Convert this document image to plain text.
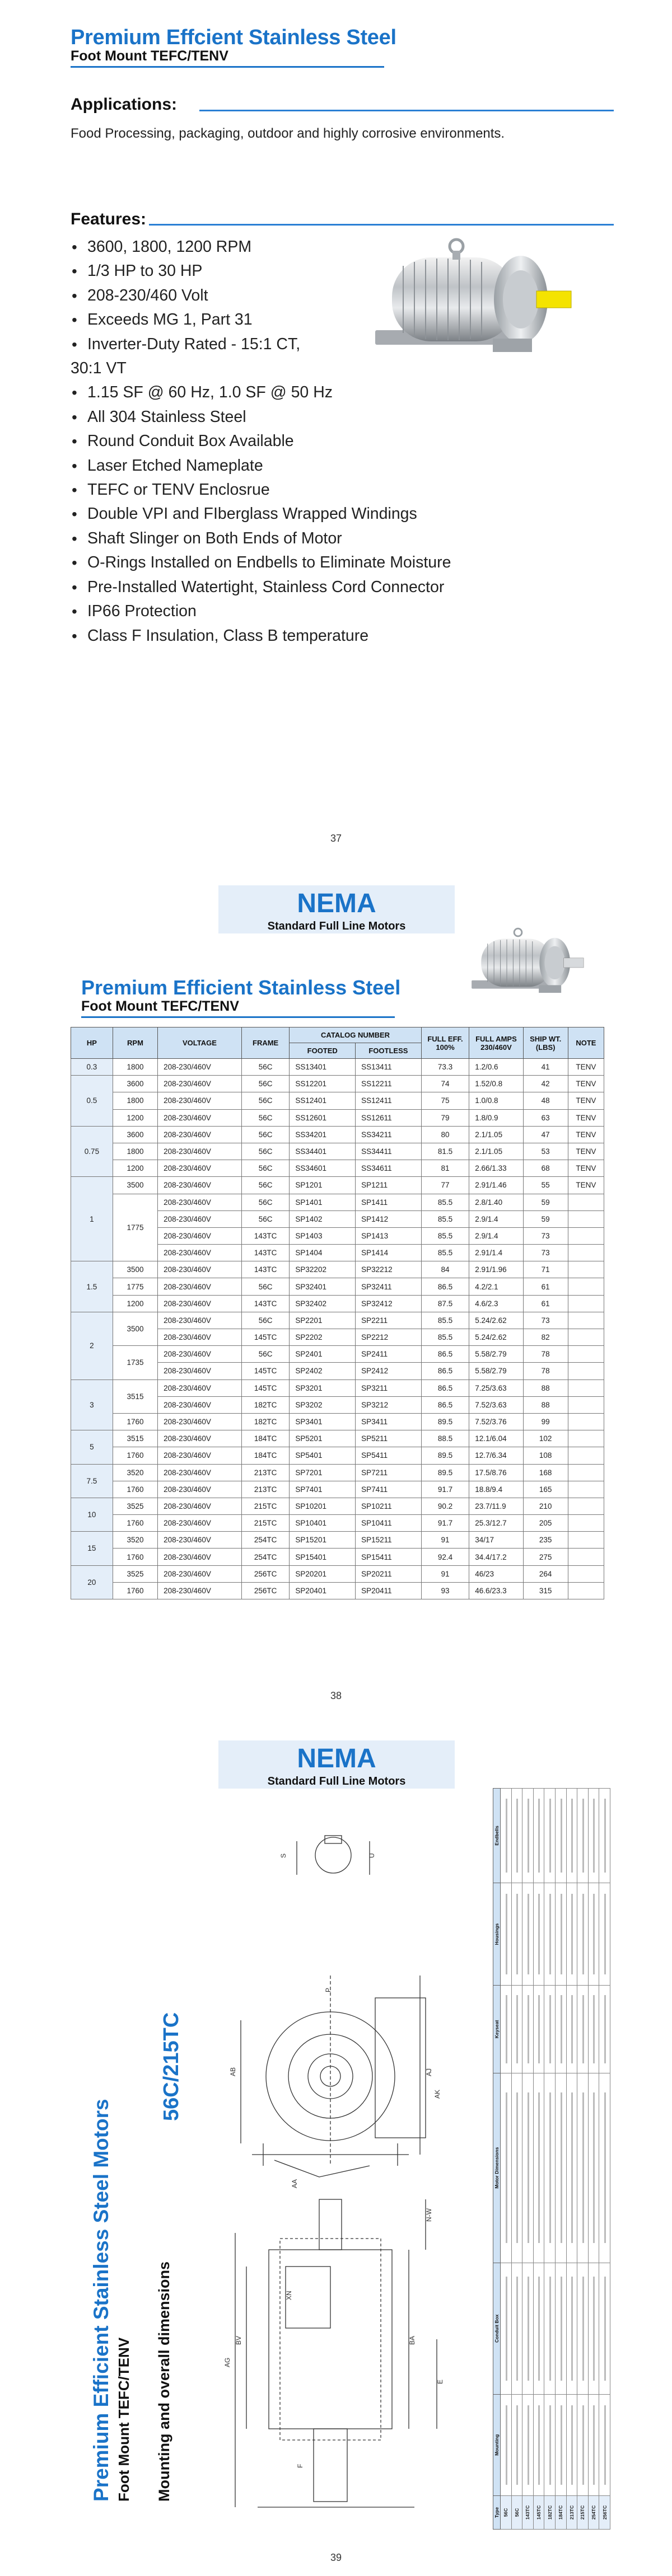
Premium Effcient Stainless Steel
Foot Mount TEFC/TENV
Applications:
Food Processing, packaging, outdoor and highly corrosive environments.
Features:
• 3600, 1800, 1200 RPM
• 1/3 HP to 30 HP
• 208-230/460 Volt
• Exceeds MG 1, Part 31
• Inverter-Duty Rated - 15:1 CT,
30:1 VT
• 1.15 SF @ 60 Hz, 1.0 SF @ 50 Hz
• All 304 Stainless Steel
• Round Conduit Box Available
• Laser Etched Nameplate
• TEFC or TENV Enclosrue
• Double VPI and FIberglass Wrapped Windings
• Shaft Slinger on Both Ends of Motor
• O-Rings Installed on Endbells to Eliminate Moisture
• Pre-Installed Watertight, Stainless Cord Connector
• IP66 Protection
• Class F Insulation, Class B temperature
37
NEMA
Standard Full Line Motors
Premium Efficient Stainless Steel
Foot Mount TEFC/TENV
HP	RPM	VOLTAGE	FRAME	CATALOG NUMBER		FULL EFF. 100%	FULL AMPS 230/460V	SHIP WT. (LBS)	NOTE
				FOOTED	FOOTLESS				
0.3	1800	208-230/460V	56C	SS13401	SS13411	73.3	1.2/0.6	41	TENV
0.5	3600	208-230/460V	56C	SS12201	SS12211	74	1.52/0.8	42	TENV
	1800	208-230/460V	56C	SS12401	SS12411	75	1.0/0.8	48	TENV
	1200	208-230/460V	56C	SS12601	SS12611	79	1.8/0.9	63	TENV
0.75	3600	208-230/460V	56C	SS34201	SS34211	80	2.1/1.05	47	TENV
	1800	208-230/460V	56C	SS34401	SS34411	81.5	2.1/1.05	53	TENV
	1200	208-230/460V	56C	SS34601	SS34611	81	2.66/1.33	68	TENV
1	3500	208-230/460V	56C	SP1201	SP1211	77	2.91/1.46	55	TENV
	1775	208-230/460V	56C	SP1401	SP1411	85.5	2.8/1.40	59	
		208-230/460V	56C	SP1402	SP1412	85.5	2.9/1.4	59	
		208-230/460V	143TC	SP1403	SP1413	85.5	2.9/1.4	73	
		208-230/460V	143TC	SP1404	SP1414	85.5	2.91/1.4	73	
1.5	3500	208-230/460V	143TC	SP32202	SP32212	84	2.91/1.96	71	
	1775	208-230/460V	56C	SP32401	SP32411	86.5	4.2/2.1	61	
	1200	208-230/460V	143TC	SP32402	SP32412	87.5	4.6/2.3	61	
2	3500	208-230/460V	56C	SP2201	SP2211	85.5	5.24/2.62	73	
		208-230/460V	145TC	SP2202	SP2212	85.5	5.24/2.62	82	
	1735	208-230/460V	56C	SP2401	SP2411	86.5	5.58/2.79	78	
		208-230/460V	145TC	SP2402	SP2412	86.5	5.58/2.79	78	
3	3515	208-230/460V	145TC	SP3201	SP3211	86.5	7.25/3.63	88	
		208-230/460V	182TC	SP3202	SP3212	86.5	7.52/3.63	88	
	1760	208-230/460V	182TC	SP3401	SP3411	89.5	7.52/3.76	99	
5	3515	208-230/460V	184TC	SP5201	SP5211	88.5	12.1/6.04	102	
	1760	208-230/460V	184TC	SP5401	SP5411	89.5	12.7/6.34	108	
7.5	3520	208-230/460V	213TC	SP7201	SP7211	89.5	17.5/8.76	168	
	1760	208-230/460V	213TC	SP7401	SP7411	91.7	18.8/9.4	165	
10	3525	208-230/460V	215TC	SP10201	SP10211	90.2	23.7/11.9	210	
	1760	208-230/460V	215TC	SP10401	SP10411	91.7	25.3/12.7	205	
15	3520	208-230/460V	254TC	SP15201	SP15211	91	34/17	235	
	1760	208-230/460V	254TC	SP15401	SP15411	92.4	34.4/17.2	275	
20	3525	208-230/460V	256TC	SP20201	SP20211	91	46/23	264	
	1760	208-230/460V	256TC	SP20401	SP20411	93	46.6/23.3	315	
38
NEMA
Standard Full Line Motors
S	U
AB	AJ
AK
P
AA
AG
BV	BA
N-W
E
XN
F
Premium Efficient Stainless Steel Motors Foot Mount TEFC/TENV Mounting and overall dimensions
56C/215TC
Type	Mounting	Conduit Box	Motor Dimensions	Keyseat	Housings	Endbells
56C						
56C						
143TC						
145TC						
182TC						
184TC						
213TC						
215TC						
254TC						
256TC						
39
